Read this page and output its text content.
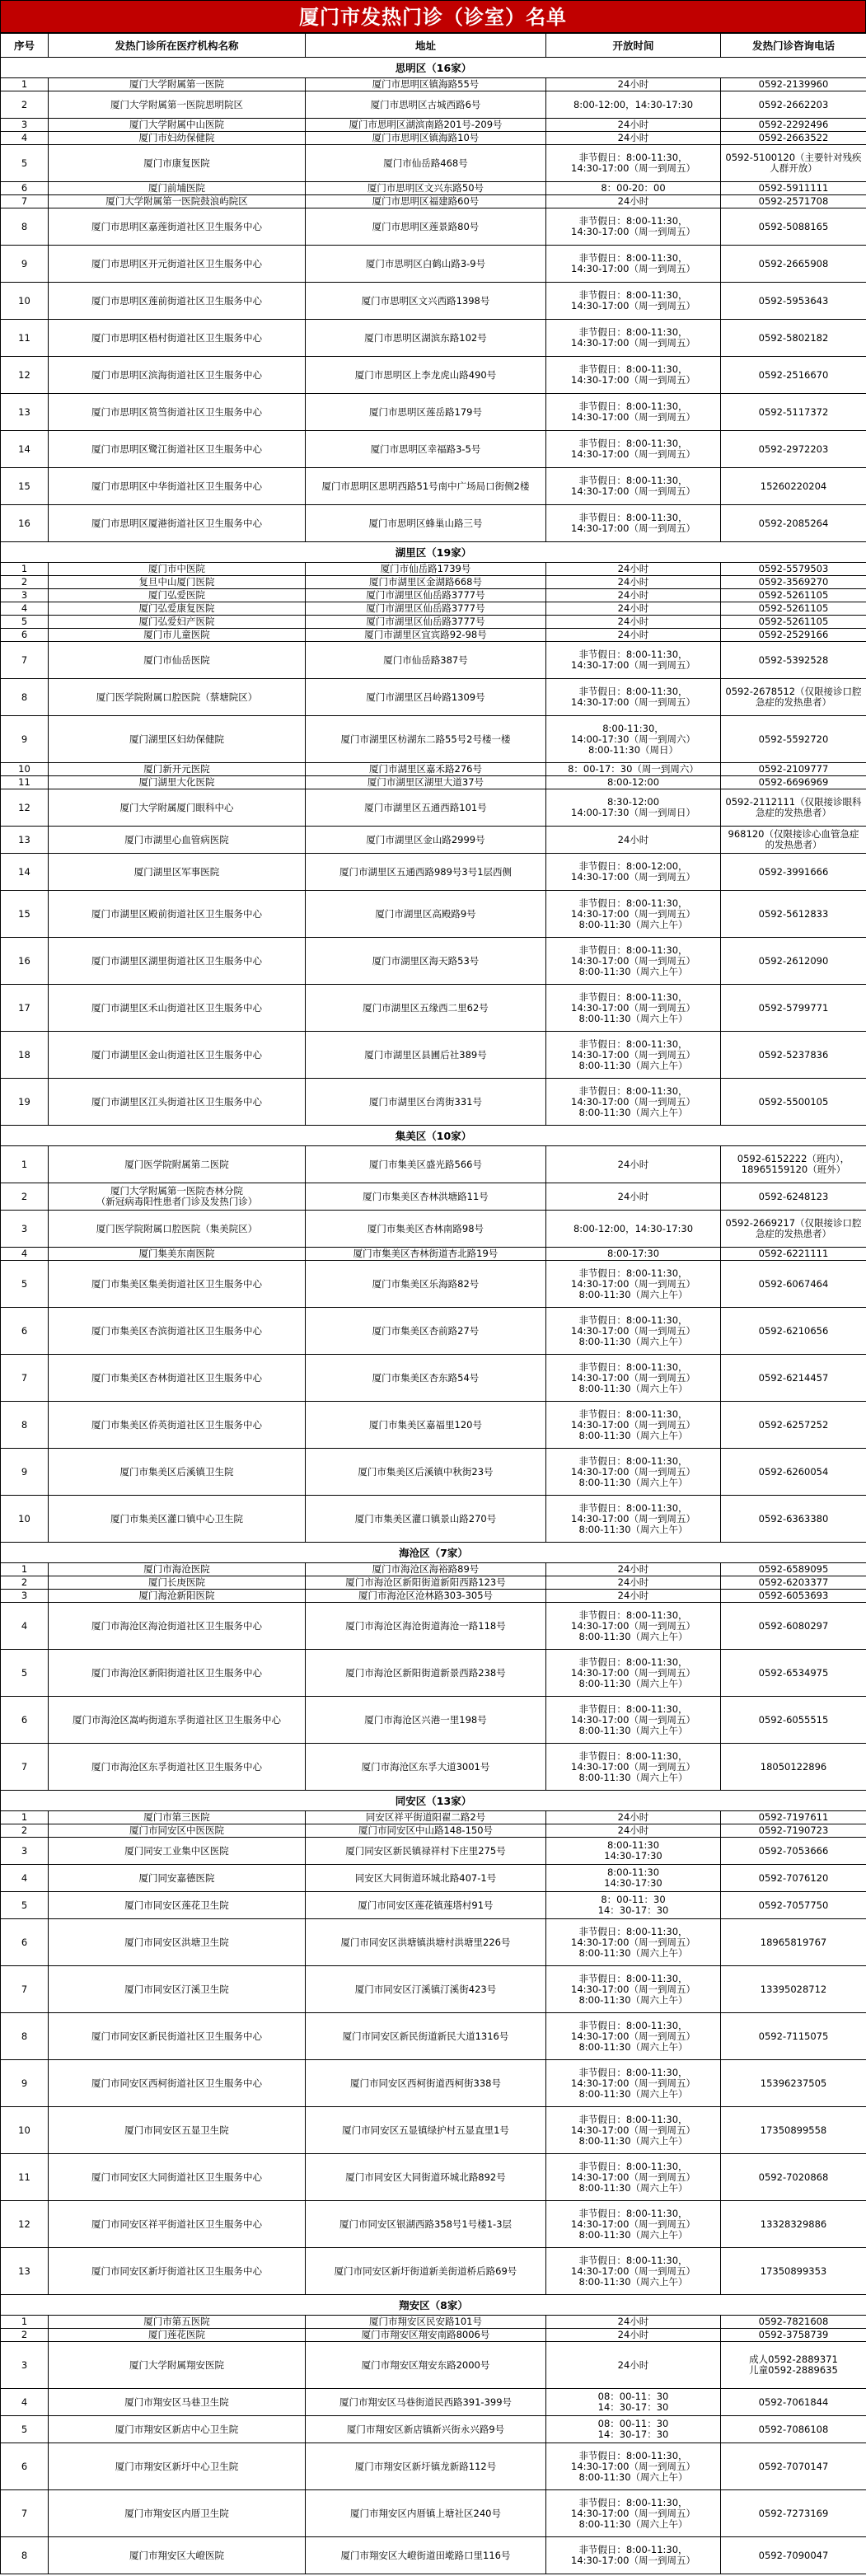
厦门市发热门诊（诊室）名单
序号	发热门诊所在医疗机构名称	地址	开放时间	发热门诊咨询电话
思明区（16家）				
1	厦门大学附属第一医院	厦门市思明区镇海路55号	24小时	0592-2139960
2	厦门大学附属第一医院思明院区	厦门市思明区古城西路6号	8:00-12:00，14:30-17:30	0592-2662203
3	厦门大学附属中山医院	厦门市思明区湖滨南路201号-209号	24小时	0592-2292496
4	厦门市妇幼保健院	厦门市思明区镇海路10号	24小时	0592-2663522
5	厦门市康复医院	厦门市仙岳路468号	非节假日：8:00-11:30，
14:30-17:00（周一到周五）	0592-5100120（主要针对残疾人群开放）
6	厦门前埔医院	厦门市思明区文兴东路50号	8：00-20：00	0592-5911111
7	厦门大学附属第一医院鼓浪屿院区	厦门市思明区福建路60号	24小时	0592-2571708
8	厦门市思明区嘉莲街道社区卫生服务中心	厦门市思明区莲景路80号	非节假日：8:00-11:30，
14:30-17:00（周一到周五）	0592-5088165
9	厦门市思明区开元街道社区卫生服务中心	厦门市思明区白鹤山路3-9号	非节假日：8:00-11:30，
14:30-17:00（周一到周五）	0592-2665908
10	厦门市思明区莲前街道社区卫生服务中心	厦门市思明区文兴西路1398号	非节假日：8:00-11:30，
14:30-17:00（周一到周五）	0592-5953643
11	厦门市思明区梧村街道社区卫生服务中心	厦门市思明区湖滨东路102号	非节假日：8:00-11:30，
14:30-17:00（周一到周五）	0592-5802182
12	厦门市思明区滨海街道社区卫生服务中心	厦门市思明区上李龙虎山路490号	非节假日：8:00-11:30，
14:30-17:00（周一到周五）	0592-2516670
13	厦门市思明区筼筜街道社区卫生服务中心	厦门市思明区莲岳路179号	非节假日：8:00-11:30，
14:30-17:00（周一到周五）	0592-5117372
14	厦门市思明区鹭江街道社区卫生服务中心	厦门市思明区幸福路3-5号	非节假日：8:00-11:30，
14:30-17:00（周一到周五）	0592-2972203
15	厦门市思明区中华街道社区卫生服务中心	厦门市思明区思明西路51号南中广场局口街侧2楼	非节假日：8:00-11:30，
14:30-17:00（周一到周五）	15260220204
16	厦门市思明区厦港街道社区卫生服务中心	厦门市思明区蜂巢山路三号	非节假日：8:00-11:30，
14:30-17:00（周一到周五）	0592-2085264
湖里区（19家）				
1	厦门市中医院	厦门市仙岳路1739号	24小时	0592-5579503
2	复旦中山厦门医院	厦门市湖里区金湖路668号	24小时	0592-3569270
3	厦门弘爱医院	厦门市湖里区仙岳路3777号	24小时	0592-5261105
4	厦门弘爱康复医院	厦门市湖里区仙岳路3777号	24小时	0592-5261105
5	厦门弘爱妇产医院	厦门市湖里区仙岳路3777号	24小时	0592-5261105
6	厦门市儿童医院	厦门市湖里区宜宾路92-98号	24小时	0592-2529166
7	厦门市仙岳医院	厦门市仙岳路387号	非节假日：8:00-11:30，
14:30-17:00（周一到周五）	0592-5392528
8	厦门医学院附属口腔医院（蔡塘院区）	厦门市湖里区吕岭路1309号	非节假日：8:00-11:30，
14:30-17:00（周一到周五）	0592-2678512（仅限接诊口腔急症的发热患者）
9	厦门湖里区妇幼保健院	厦门市湖里区枋湖东二路55号2号楼一楼	8:00-11:30，
14:00-17:30（周一到周六）
8:00-11:30（周日）	0592-5592720
10	厦门新开元医院	厦门市湖里区嘉禾路276号	8：00-17：30（周一到周六）	0592-2109777
11	厦门湖里大化医院	厦门市湖里区湖里大道37号	8:00-12:00	0592-6696969
12	厦门大学附属厦门眼科中心	厦门市湖里区五通西路101号	8:30-12:00
14:00-17:30（周一到周日）	0592-2112111（仅限接诊眼科急症的发热患者）
13	厦门市湖里心血管病医院	厦门市湖里区金山路2999号	24小时	968120（仅限接诊心血管急症的发热患者）
14	厦门湖里区军事医院	厦门市湖里区五通西路989号3号1层西侧	非节假日：8:00-12:00，
14:30-17:00（周一到周五）	0592-3991666
15	厦门市湖里区殿前街道社区卫生服务中心	厦门市湖里区高殿路9号	非节假日：8:00-11:30，
14:30-17:00（周一到周五）
8:00-11:30（周六上午）	0592-5612833
16	厦门市湖里区湖里街道社区卫生服务中心	厦门市湖里区海天路53号	非节假日：8:00-11:30，
14:30-17:00（周一到周五）
8:00-11:30（周六上午）	0592-2612090
17	厦门市湖里区禾山街道社区卫生服务中心	厦门市湖里区五缘西二里62号	非节假日：8:00-11:30，
14:30-17:00（周一到周五）
8:00-11:30（周六上午）	0592-5799771
18	厦门市湖里区金山街道社区卫生服务中心	厦门市湖里区县圃后社389号	非节假日：8:00-11:30，
14:30-17:00（周一到周五）
8:00-11:30（周六上午）	0592-5237836
19	厦门市湖里区江头街道社区卫生服务中心	厦门市湖里区台湾街331号	非节假日：8:00-11:30，
14:30-17:00（周一到周五）
8:00-11:30（周六上午）	0592-5500105
集美区（10家）				
1	厦门医学院附属第二医院	厦门市集美区盛光路566号	24小时	0592-6152222（班内），18965159120（班外）
2	厦门大学附属第一医院杏林分院
（新冠病毒阳性患者门诊及发热门诊）	厦门市集美区杏林洪塘路11号	24小时	0592-6248123
3	厦门医学院附属口腔医院（集美院区）	厦门市集美区杏林南路98号	8:00-12:00，14:30-17:30	0592-2669217（仅限接诊口腔急症的发热患者）
4	厦门集美东南医院	厦门市集美区杏林街道杏北路19号	8:00-17:30	0592-6221111
5	厦门市集美区集美街道社区卫生服务中心	厦门市集美区乐海路82号	非节假日：8:00-11:30，
14:30-17:00（周一到周五）
8:00-11:30（周六上午）	0592-6067464
6	厦门市集美区杏滨街道社区卫生服务中心	厦门市集美区杏前路27号	非节假日：8:00-11:30，
14:30-17:00（周一到周五）
8:00-11:30（周六上午）	0592-6210656
7	厦门市集美区杏林街道社区卫生服务中心	厦门市集美区杏东路54号	非节假日：8:00-11:30，
14:30-17:00（周一到周五）
8:00-11:30（周六上午）	0592-6214457
8	厦门市集美区侨英街道社区卫生服务中心	厦门市集美区嘉福里120号	非节假日：8:00-11:30，
14:30-17:00（周一到周五）
8:00-11:30（周六上午）	0592-6257252
9	厦门市集美区后溪镇卫生院	厦门市集美区后溪镇中秋街23号	非节假日：8:00-11:30，
14:30-17:00（周一到周五）
8:00-11:30（周六上午）	0592-6260054
10	厦门市集美区灌口镇中心卫生院	厦门市集美区灌口镇景山路270号	非节假日：8:00-11:30，
14:30-17:00（周一到周五）
8:00-11:30（周六上午）	0592-6363380
海沧区（7家）				
1	厦门市海沧医院	厦门市海沧区海裕路89号	24小时	0592-6589095
2	厦门长庚医院	厦门市海沧区新阳街道新阳西路123号	24小时	0592-6203377
3	厦门海沧新阳医院	厦门市海沧区沧林路303-305号	24小时	0592-6053693
4	厦门市海沧区海沧街道社区卫生服务中心	厦门市海沧区海沧街道海沧一路118号	非节假日：8:00-11:30，
14:30-17:00（周一到周五）
8:00-11:30（周六上午）	0592-6080297
5	厦门市海沧区新阳街道社区卫生服务中心	厦门市海沧区新阳街道新景西路238号	非节假日：8:00-11:30，
14:30-17:00（周一到周五）
8:00-11:30（周六上午）	0592-6534975
6	厦门市海沧区嵩屿街道东孚街道社区卫生服务中心	厦门市海沧区兴港一里198号	非节假日：8:00-11:30，
14:30-17:00（周一到周五）
8:00-11:30（周六上午）	0592-6055515
7	厦门市海沧区东孚街道社区卫生服务中心	厦门市海沧区东孚大道3001号	非节假日：8:00-11:30，
14:30-17:00（周一到周五）
8:00-11:30（周六上午）	18050122896
同安区（13家）				
1	厦门市第三医院	同安区祥平街道阳翟二路2号	24小时	0592-7197611
2	厦门市同安区中医医院	厦门市同安区中山路148-150号	24小时	0592-7190723
3	厦门同安工业集中区医院	厦门同安区新民镇禄祥村下庄里275号	8:00-11:30
14:30-17:30	0592-7053666
4	厦门同安嘉德医院	同安区大同街道环城北路407-1号	8:00-11:30
14:30-17:30	0592-7076120
5	厦门市同安区莲花卫生院	厦门市同安区莲花镇莲塔村91号	8：00-11：30
14：30-17：30	0592-7057750
6	厦门市同安区洪塘卫生院	厦门市同安区洪塘镇洪塘村洪塘里226号	非节假日：8:00-11:30，
14:30-17:00（周一到周五）
8:00-11:30（周六上午）	18965819767
7	厦门市同安区汀溪卫生院	厦门市同安区汀溪镇汀溪街423号	非节假日：8:00-11:30，
14:30-17:00（周一到周五）
8:00-11:30（周六上午）	13395028712
8	厦门市同安区新民街道社区卫生服务中心	厦门市同安区新民街道新民大道1316号	非节假日：8:00-11:30，
14:30-17:00（周一到周五）
8:00-11:30（周六上午）	0592-7115075
9	厦门市同安区西柯街道社区卫生服务中心	厦门市同安区西柯街道西柯街338号	非节假日：8:00-11:30，
14:30-17:00（周一到周五）
8:00-11:30（周六上午）	15396237505
10	厦门市同安区五显卫生院	厦门市同安区五显镇绿护村五显直里1号	非节假日：8:00-11:30，
14:30-17:00（周一到周五）
8:00-11:30（周六上午）	17350899558
11	厦门市同安区大同街道社区卫生服务中心	厦门市同安区大同街道环城北路892号	非节假日：8:00-11:30，
14:30-17:00（周一到周五）
8:00-11:30（周六上午）	0592-7020868
12	厦门市同安区祥平街道社区卫生服务中心	厦门市同安区银湖西路358号1号楼1-3层	非节假日：8:00-11:30，
14:30-17:00（周一到周五）
8:00-11:30（周六上午）	13328329886
13	厦门市同安区新圩街道社区卫生服务中心	厦门市同安区新圩街道新美街道桥后路69号	非节假日：8:00-11:30，
14:30-17:00（周一到周五）
8:00-11:30（周六上午）	17350899353
翔安区（8家）				
1	厦门市第五医院	厦门市翔安区民安路101号	24小时	0592-7821608
2	厦门莲花医院	厦门市翔安区翔安南路8006号	24小时	0592-3758739
3	厦门大学附属翔安医院	厦门市翔安区翔安东路2000号	24小时	成人0592-2889371
儿童0592-2889635
4	厦门市翔安区马巷卫生院	厦门市翔安区马巷街道民西路391-399号	08：00-11：30
14：30-17：30	0592-7061844
5	厦门市翔安区新店中心卫生院	厦门市翔安区新店镇新兴街永兴路9号	08：00-11：30
14：30-17：30	0592-7086108
6	厦门市翔安区新圩中心卫生院	厦门市翔安区新圩镇龙新路112号	非节假日：8:00-11:30，
14:30-17:00（周一到周五）
8:00-11:30（周六上午）	0592-7070147
7	厦门市翔安区内厝卫生院	厦门市翔安区内厝镇上塘社区240号	非节假日：8:00-11:30，
14:30-17:00（周一到周五）
8:00-11:30（周六上午）	0592-7273169
8	厦门市翔安区大嶝医院	厦门市翔安区大嶝街道田墘路口里116号	非节假日：8:00-11:30，
14:30-17:00（周一到周五）	0592-7090047
